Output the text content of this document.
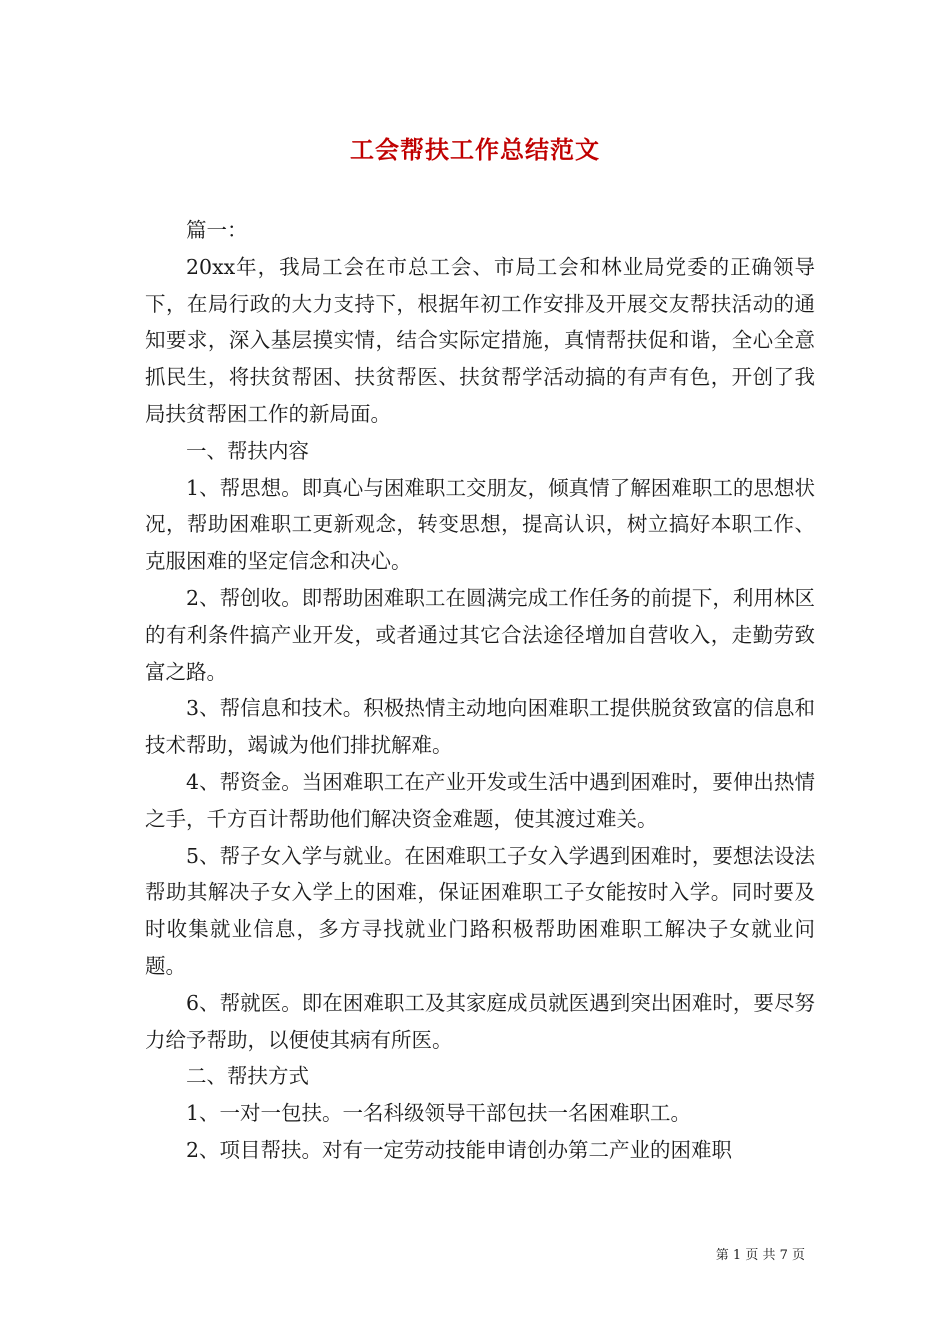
工会帮扶工作总结范文

篇一：

20xx年，我局工会在市总工会、市局工会和林业局党委的正确领导下，在局行政的大力支持下，根据年初工作安排及开展交友帮扶活动的通知要求，深入基层摸实情，结合实际定措施，真情帮扶促和谐，全心全意抓民生，将扶贫帮困、扶贫帮医、扶贫帮学活动搞的有声有色，开创了我局扶贫帮困工作的新局面。

一、帮扶内容

1、帮思想。即真心与困难职工交朋友，倾真情了解困难职工的思想状况，帮助困难职工更新观念，转变思想，提高认识，树立搞好本职工作、克服困难的坚定信念和决心。

2、帮创收。即帮助困难职工在圆满完成工作任务的前提下，利用林区的有利条件搞产业开发，或者通过其它合法途径增加自营收入，走勤劳致富之路。

3、帮信息和技术。积极热情主动地向困难职工提供脱贫致富的信息和技术帮助，竭诚为他们排扰解难。

4、帮资金。当困难职工在产业开发或生活中遇到困难时，要伸出热情之手，千方百计帮助他们解决资金难题，使其渡过难关。

5、帮子女入学与就业。在困难职工子女入学遇到困难时，要想法设法帮助其解决子女入学上的困难，保证困难职工子女能按时入学。同时要及时收集就业信息，多方寻找就业门路积极帮助困难职工解决子女就业问题。

6、帮就医。即在困难职工及其家庭成员就医遇到突出困难时，要尽努力给予帮助，以便使其病有所医。

二、帮扶方式

1、一对一包扶。一名科级领导干部包扶一名困难职工。

2、项目帮扶。对有一定劳动技能申请创办第二产业的困难职

第 1 页 共 7 页
